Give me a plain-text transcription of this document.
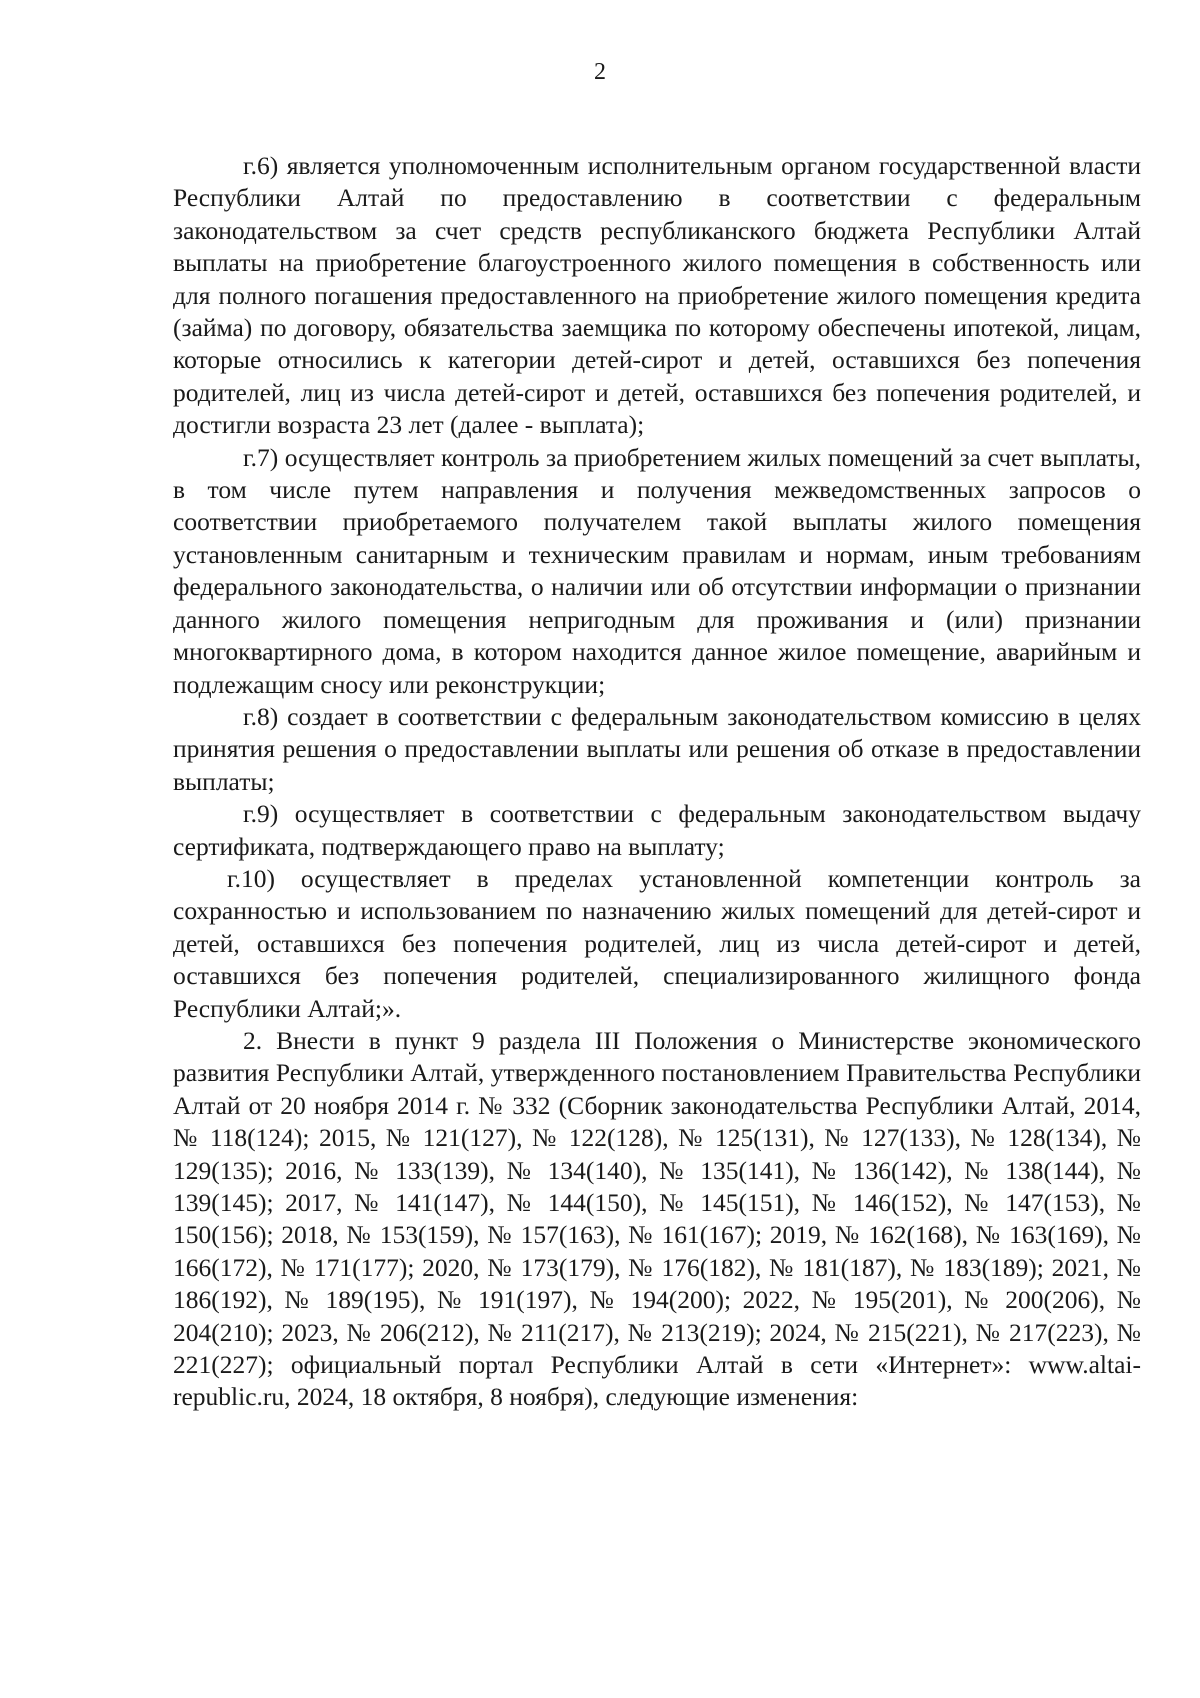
2

г.6) является уполномоченным исполнительным органом государственной власти Республики Алтай по предоставлению в соответствии с федеральным законодательством за счет средств республиканского бюджета Республики Алтай выплаты на приобретение благоустроенного жилого помещения в собственность или для полного погашения предоставленного на приобретение жилого помещения кредита (займа) по договору, обязательства заемщика по которому обеспечены ипотекой, лицам, которые относились к категории детей-сирот и детей, оставшихся без попечения родителей, лиц из числа детей-сирот и детей, оставшихся без попечения родителей, и достигли возраста 23 лет (далее - выплата);

г.7) осуществляет контроль за приобретением жилых помещений за счет выплаты, в том числе путем направления и получения межведомственных запросов о соответствии приобретаемого получателем такой выплаты жилого помещения установленным санитарным и техническим правилам и нормам, иным требованиям федерального законодательства, о наличии или об отсутствии информации о признании данного жилого помещения непригодным для проживания и (или) признании многоквартирного дома, в котором находится данное жилое помещение, аварийным и подлежащим сносу или реконструкции;

г.8) создает в соответствии с федеральным законодательством комиссию в целях принятия решения о предоставлении выплаты или решения об отказе в предоставлении выплаты;

г.9) осуществляет в соответствии с федеральным законодательством выдачу сертификата, подтверждающего право на выплату;

г.10) осуществляет в пределах установленной компетенции контроль за сохранностью и использованием по назначению жилых помещений для детей-сирот и детей, оставшихся без попечения родителей, лиц из числа детей-сирот и детей, оставшихся без попечения родителей, специализированного жилищного фонда Республики Алтай;».

2. Внести в пункт 9 раздела III Положения о Министерстве экономического развития Республики Алтай, утвержденного постановлением Правительства Республики Алтай от 20 ноября 2014 г. № 332 (Сборник законодательства Республики Алтай, 2014, № 118(124); 2015, № 121(127), № 122(128), № 125(131), № 127(133), № 128(134), № 129(135); 2016, № 133(139), № 134(140), № 135(141), № 136(142), № 138(144), № 139(145); 2017, № 141(147), № 144(150), № 145(151), № 146(152), № 147(153), № 150(156); 2018, № 153(159), № 157(163), № 161(167); 2019, № 162(168), № 163(169), № 166(172), № 171(177); 2020, № 173(179), № 176(182), № 181(187), № 183(189); 2021, № 186(192), № 189(195), № 191(197), № 194(200); 2022, № 195(201), № 200(206), № 204(210); 2023, № 206(212), № 211(217), № 213(219); 2024, № 215(221), № 217(223), № 221(227); официальный портал Республики Алтай в сети «Интернет»: www.altai-republic.ru, 2024, 18 октября, 8 ноября), следующие изменения:
